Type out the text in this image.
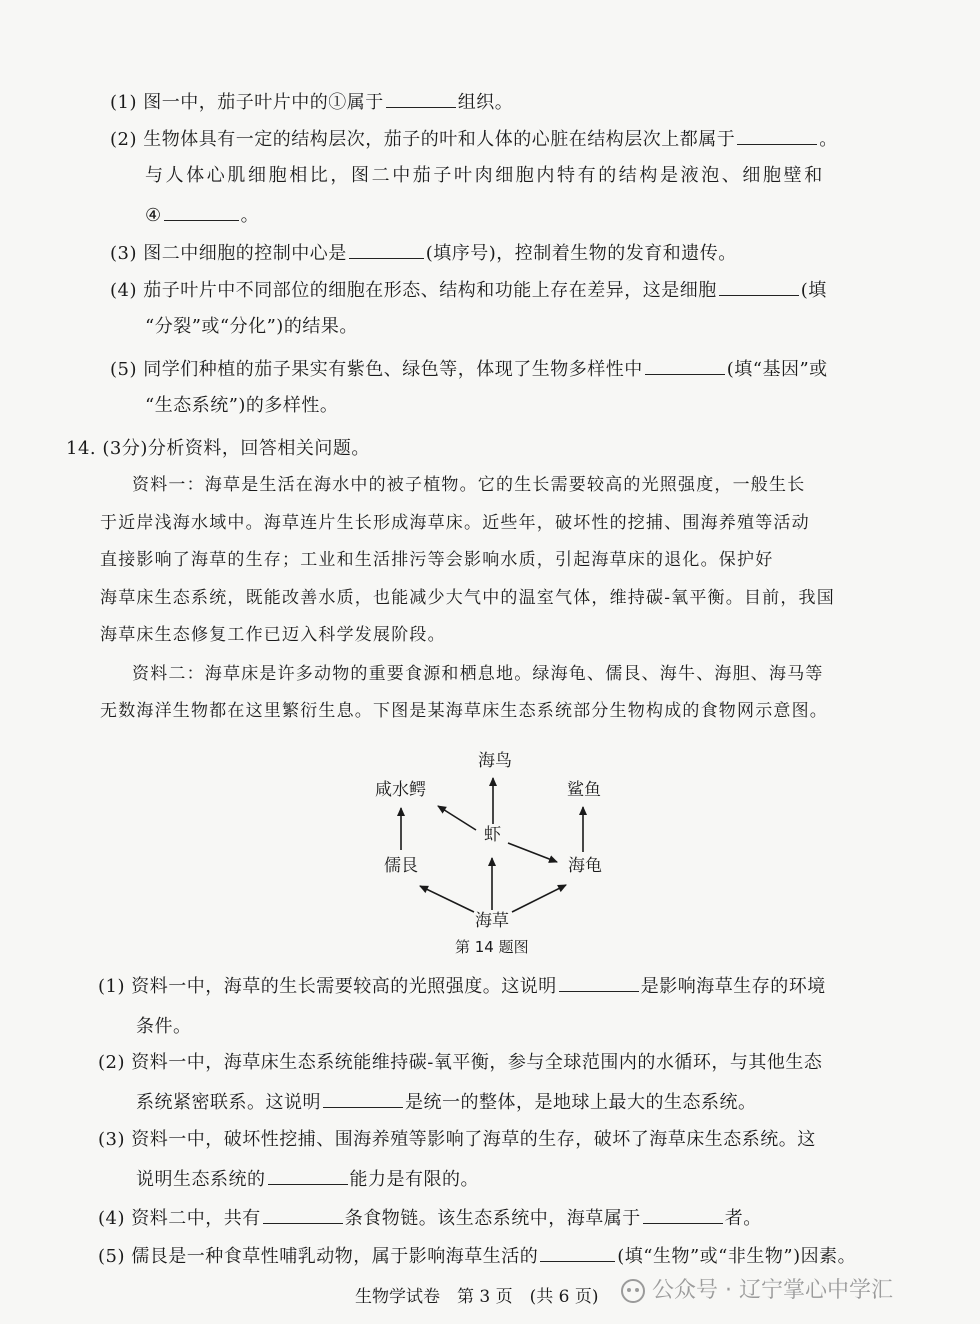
(1) 图一中，茄子叶片中的①属于	组织。
(2) 生物体具有一定的结构层次，茄子的叶和人体的心脏在结构层次上都属于	。
与人体心肌细胞相比，图二中茄子叶肉细胞内特有的结构是液泡、细胞壁和
④	。
(3) 图二中细胞的控制中心是	(填序号)，控制着生物的发育和遗传。
(4) 茄子叶片中不同部位的细胞在形态、结构和功能上存在差异，这是细胞	(填
“分裂”或“分化”)的结果。
(5) 同学们种植的茄子果实有紫色、绿色等，体现了生物多样性中	(填“基因”或
“生态系统”)的多样性。
14. (3分)分析资料，回答相关问题。
资料一：海草是生活在海水中的被子植物。它的生长需要较高的光照强度，一般生长
于近岸浅海水域中。海草连片生长形成海草床。近些年，破坏性的挖捕、围海养殖等活动
直接影响了海草的生存；工业和生活排污等会影响水质，引起海草床的退化。保护好
海草床生态系统，既能改善水质，也能减少大气中的温室气体，维持碳-氧平衡。目前，我国
海草床生态修复工作已迈入科学发展阶段。
资料二：海草床是许多动物的重要食源和栖息地。绿海龟、儒艮、海牛、海胆、海马等
无数海洋生物都在这里繁衍生息。下图是某海草床生态系统部分生物构成的食物网示意图。
海鸟
咸水鳄	鲨鱼
虾
儒艮	海龟
海草
第 14 题图
(1) 资料一中，海草的生长需要较高的光照强度。这说明	是影响海草生存的环境
条件。
(2) 资料一中，海草床生态系统能维持碳-氧平衡，参与全球范围内的水循环，与其他生态
系统紧密联系。这说明	是统一的整体，是地球上最大的生态系统。
(3) 资料一中，破坏性挖捕、围海养殖等影响了海草的生存，破坏了海草床生态系统。这
说明生态系统的	能力是有限的。
(4) 资料二中，共有	条食物链。该生态系统中，海草属于	者。
(5) 儒艮是一种食草性哺乳动物，属于影响海草生活的	(填“生物”或“非生物”)因素。
生物学试卷　第 3 页　(共 6 页)	公众号 · 辽宁掌心中学汇
